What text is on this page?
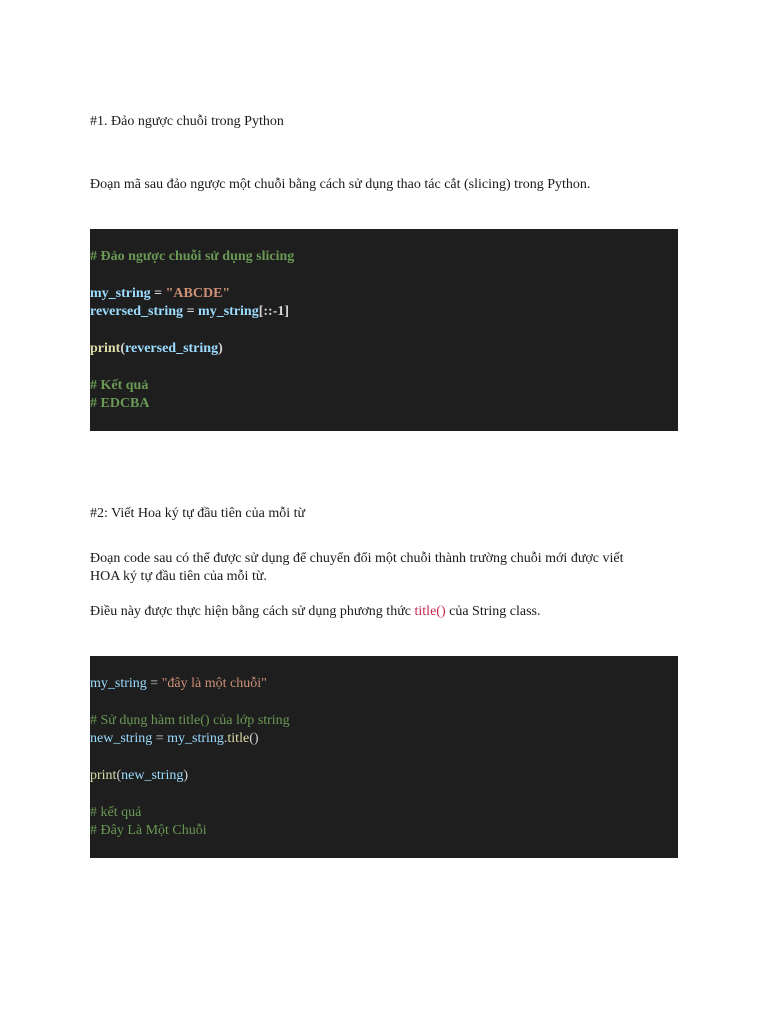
#1. Đảo ngược chuỗi trong Python

Đoạn mã sau đảo ngược một chuỗi bằng cách sử dụng thao tác cắt (slicing) trong Python.

# Đảo ngược chuỗi sử dụng slicing
my_string = "ABCDE"
reversed_string = my_string[::-1]
print(reversed_string)
# Kết quả
# EDCBA

#2: Viết Hoa ký tự đầu tiên của mỗi từ

Đoạn code sau có thể được sử dụng để chuyển đổi một chuỗi thành trường chuỗi mới được viết

HOA ký tự đầu tiên của mỗi từ.

Điều này được thực hiện bằng cách sử dụng phương thức title() của String class.

my_string = "đây là một chuỗi"
# Sử dụng hàm title() của lớp string
new_string = my_string.title()
print(new_string)
# kết quả
# Đây Là Một Chuỗi
